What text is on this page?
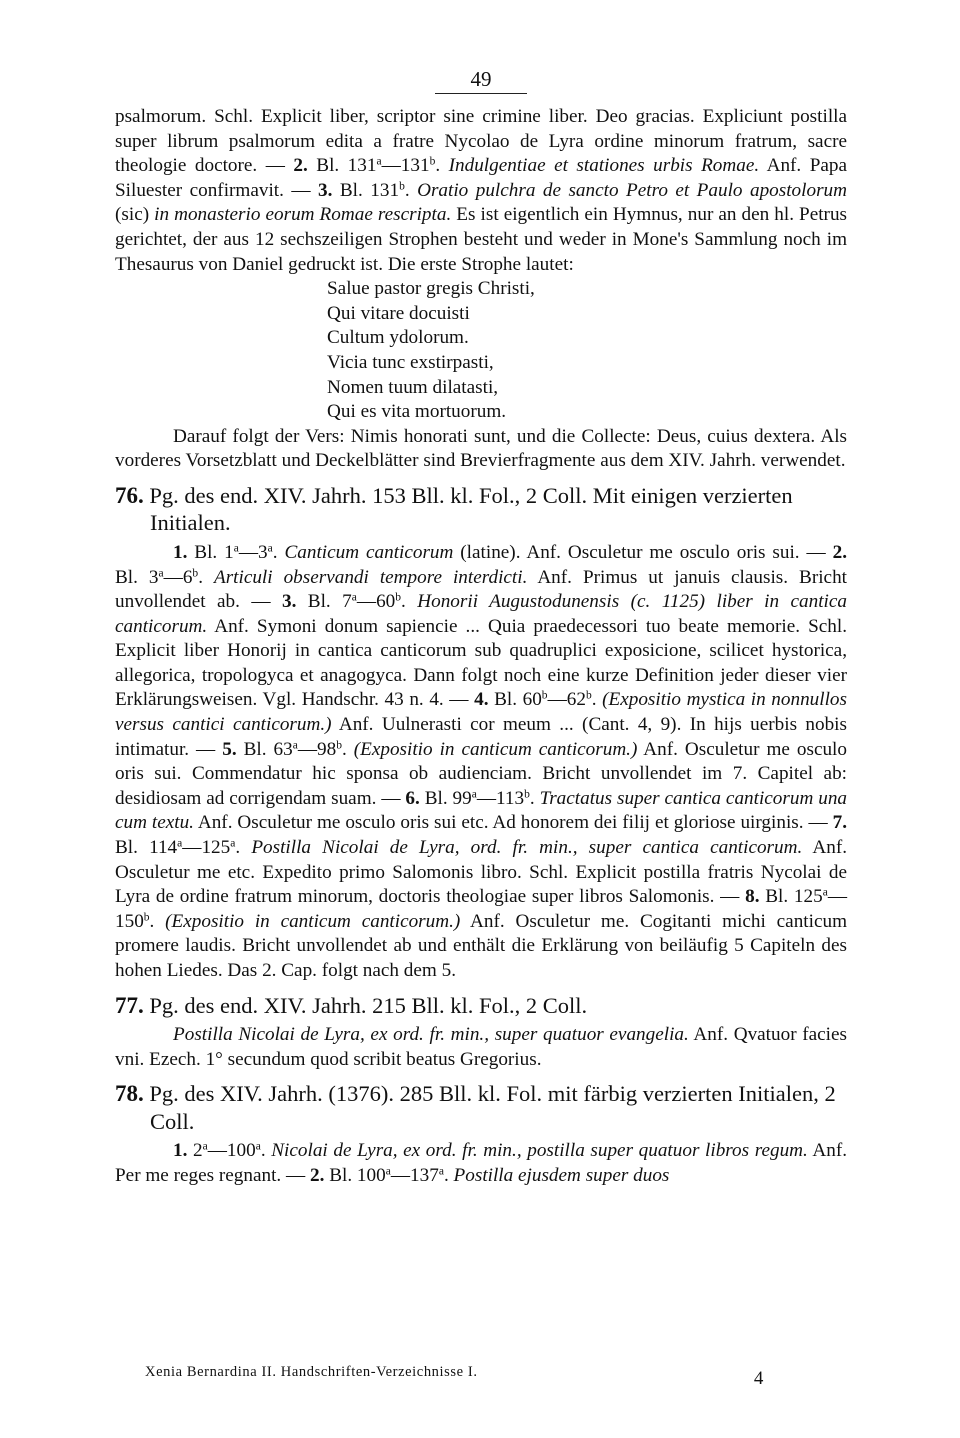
49

psalmorum. Schl. Explicit liber, scriptor sine crimine liber. Deo gracias. Expliciunt postilla super librum psalmorum edita a fratre Nycolao de Lyra ordine minorum fratrum, sacre theologie doctore. — 2. Bl. 131$^a$—131$^b$. Indulgentiae et stationes urbis Romae. Anf. Papa Siluester confirmavit. — 3. Bl. 131$^b$. Oratio pulchra de sancto Petro et Paulo apostolorum (sic) in monasterio eorum Romae rescripta. Es ist eigentlich ein Hymnus, nur an den hl. Petrus gerichtet, der aus 12 sechszeiligen Strophen besteht und weder in Mone's Sammlung noch im Thesaurus von Daniel gedruckt ist. Die erste Strophe lautet:

Salue pastor gregis Christi,
Qui vitare docuisti
Cultum ydolorum.
Vicia tunc exstirpasti,
Nomen tuum dilatasti,
Qui es vita mortuorum.

Darauf folgt der Vers: Nimis honorati sunt, und die Collecte: Deus, cuius dextera. Als vorderes Vorsetzblatt und Deckelblätter sind Brevierfragmente aus dem XIV. Jahrh. verwendet.

76. Pg. des end. XIV. Jahrh. 153 Bll. kl. Fol., 2 Coll. Mit einigen verzierten Initialen.

1. Bl. 1$^a$—3$^a$. Canticum canticorum (latine). Anf. Osculetur me osculo oris sui. — 2. Bl. 3$^a$—6$^b$. Articuli observandi tempore interdicti. Anf. Primus ut januis clausis. Bricht unvollendet ab. — 3. Bl. 7$^a$—60$^b$. Honorii Augustodunensis (c. 1125) liber in cantica canticorum. Anf. Symoni donum sapiencie ... Quia praedecessori tuo beate memorie. Schl. Explicit liber Honorij in cantica canticorum sub quadruplici exposicione, scilicet hystorica, allegorica, tropologyca et anagogyca. Dann folgt noch eine kurze Definition jeder dieser vier Erklärungsweisen. Vgl. Handschr. 43 n. 4. — 4. Bl. 60$^b$—62$^b$. (Expositio mystica in nonnullos versus cantici canticorum.) Anf. Uulnerasti cor meum ... (Cant. 4, 9). In hijs uerbis nobis intimatur. — 5. Bl. 63$^a$—98$^b$. (Expositio in canticum canticorum.) Anf. Osculetur me osculo oris sui. Commendatur hic sponsa ob audienciam. Bricht unvollendet im 7. Capitel ab: desidiosam ad corrigendam suam. — 6. Bl. 99$^a$—113$^b$. Tractatus super cantica canticorum una cum textu. Anf. Osculetur me osculo oris sui etc. Ad honorem dei filij et gloriose uirginis. — 7. Bl. 114$^a$—125$^a$. Postilla Nicolai de Lyra, ord. fr. min., super cantica canticorum. Anf. Osculetur me etc. Expedito primo Salomonis libro. Schl. Explicit postilla fratris Nycolai de Lyra de ordine fratrum minorum, doctoris theologiae super libros Salomonis. — 8. Bl. 125$^a$—150$^b$. (Expositio in canticum canticorum.) Anf. Osculetur me. Cogitanti michi canticum promere laudis. Bricht unvollendet ab und enthält die Erklärung von beiläufig 5 Capiteln des hohen Liedes. Das 2. Cap. folgt nach dem 5.

77. Pg. des end. XIV. Jahrh. 215 Bll. kl. Fol., 2 Coll.

Postilla Nicolai de Lyra, ex ord. fr. min., super quatuor evangelia. Anf. Qvatuor facies vni. Ezech. 1° secundum quod scribit beatus Gregorius.

78. Pg. des XIV. Jahrh. (1376). 285 Bll. kl. Fol. mit färbig verzierten Initialen, 2 Coll.

1. 2$^a$—100$^a$. Nicolai de Lyra, ex ord. fr. min., postilla super quatuor libros regum. Anf. Per me reges regnant. — 2. Bl. 100$^a$—137$^a$. Postilla ejusdem super duos

Xenia Bernardina II. Handschriften-Verzeichnisse I.	4
